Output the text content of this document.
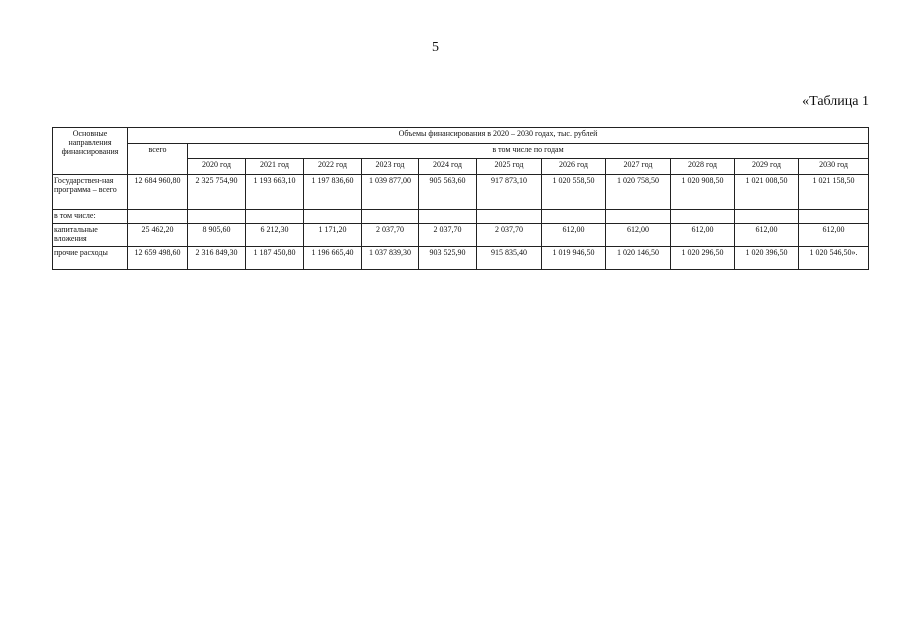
5
«Таблица 1
Основные направления финансирования	Объемы финансирования в 2020 – 2030 годах, тыс. рублей											
	всего	в том числе по годам										
		2020 год	2021 год	2022 год	2023 год	2024 год	2025 год	2026 год	2027 год	2028 год	2029 год	2030 год
Государствен-ная программа – всего	12 684 960,80	2 325 754,90	1 193 663,10	1 197 836,60	1 039 877,00	905 563,60	917 873,10	1 020 558,50	1 020 758,50	1 020 908,50	1 021 008,50	1 021 158,50
в том числе:												
капитальные вложения	25 462,20	8 905,60	6 212,30	1 171,20	2 037,70	2 037,70	2 037,70	612,00	612,00	612,00	612,00	612,00
прочие расходы	12 659 498,60	2 316 849,30	1 187 450,80	1 196 665,40	1 037 839,30	903 525,90	915 835,40	1 019 946,50	1 020 146,50	1 020 296,50	1 020 396,50	1 020 546,50».
